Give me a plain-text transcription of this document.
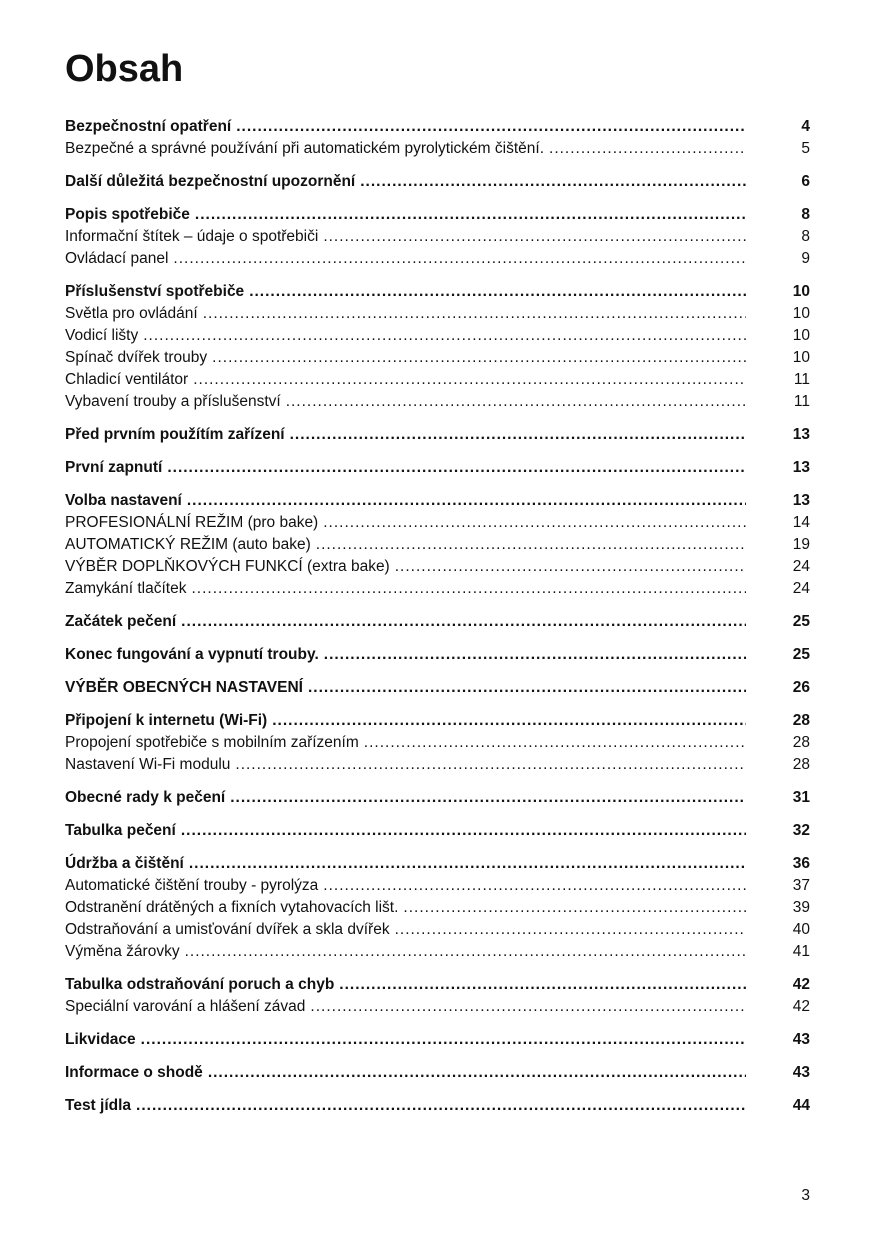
Obsah
Bezpečnostní opatření .....	4
Bezpečné a správné používání při automatickém pyrolytickém čištění. .....	5
Další důležitá bezpečnostní upozornění .....	6
Popis spotřebiče .....	8
Informační štítek – údaje o spotřebiči .....	8
Ovládací panel .....	9
Příslušenství spotřebiče .....	10
Světla pro ovládání .....	10
Vodicí lišty .....	10
Spínač dvířek trouby .....	10
Chladicí ventilátor .....	11
Vybavení trouby a příslušenství .....	11
Před prvním použítím zařízení .....	13
První zapnutí .....	13
Volba nastavení .....	13
PROFESIONÁLNÍ REŽIM (pro bake) .....	14
AUTOMATICKÝ REŽIM (auto bake) .....	19
VÝBĚR DOPLŇKOVÝCH FUNKCÍ (extra bake) .....	24
Zamykání tlačítek .....	24
Začátek pečení .....	25
Konec fungování a vypnutí trouby. .....	25
VÝBĚR OBECNÝCH NASTAVENÍ .....	26
Připojení k internetu (Wi-Fi) .....	28
Propojení spotřebiče s mobilním zařízením .....	28
Nastavení Wi-Fi modulu .....	28
Obecné rady k pečení .....	31
Tabulka pečení .....	32
Údržba a čištění .....	36
Automatické čištění trouby - pyrolýza .....	37
Odstranění drátěných a fixních vytahovacích lišt. .....	39
Odstraňování a umisťování dvířek a skla dvířek .....	40
Výměna žárovky .....	41
Tabulka odstraňování poruch a chyb .....	42
Speciální varování a hlášení závad .....	42
Likvidace .....	43
Informace o shodě .....	43
Test jídla .....	44
3
